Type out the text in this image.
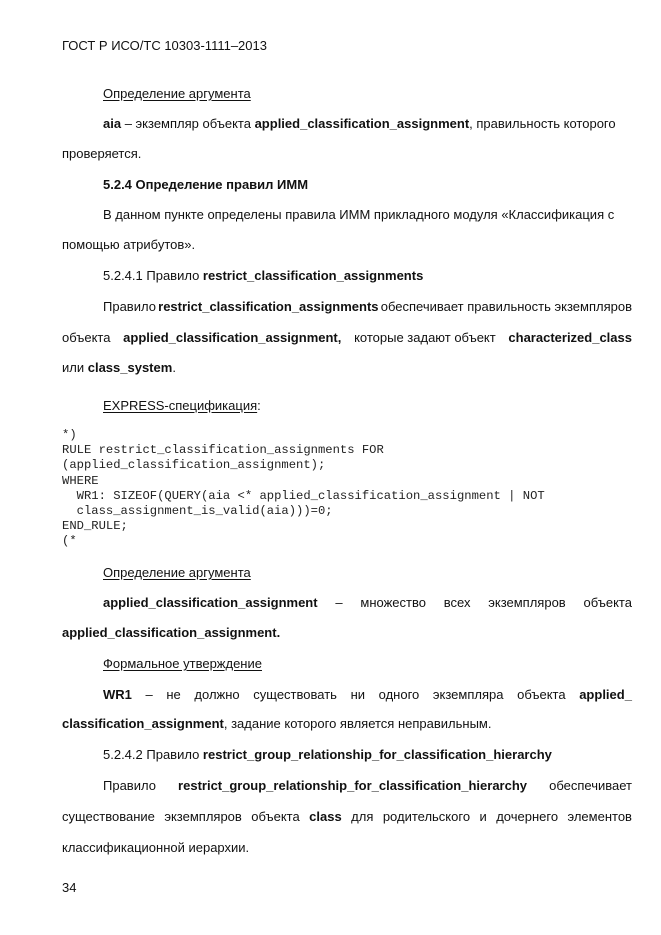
ГОСТ Р ИСО/ТС 10303-1111–2013
Определение аргумента
aia – экземпляр объекта applied_classification_assignment, правильность которого
проверяется.
5.2.4 Определение правил ИММ
В данном пункте определены правила ИММ прикладного модуля «Классификация с
помощью атрибутов».
5.2.4.1 Правило restrict_classification_assignments
Правило restrict_classification_assignments обеспечивает правильность экземпляров
объекта applied_classification_assignment, которые задают объект characterized_class
или class_system.
EXPRESS-спецификация:
*)
RULE restrict_classification_assignments FOR
(applied_classification_assignment);
WHERE
WR1: SIZEOF(QUERY(aia <* applied_classification_assignment | NOT
class_assignment_is_valid(aia)))=0;
END_RULE;
(*
Определение аргумента
applied_classification_assignment – множество всех экземпляров объекта
applied_classification_assignment.
Формальное утверждение
WR1 – не должно существовать ни одного экземпляра объекта applied_
classification_assignment, задание которого является неправильным.
5.2.4.2 Правило restrict_group_relationship_for_classification_hierarchy
Правило restrict_group_relationship_for_classification_hierarchy обеспечивает
существование экземпляров объекта class для родительского и дочернего элементов
классификационной иерархии.
34
